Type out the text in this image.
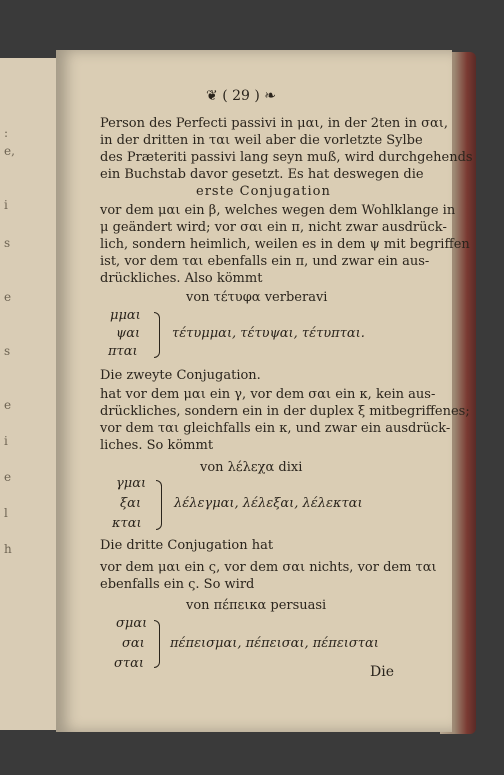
:
e,
i
s
e
s
e
i
e
l
h
❦ ( 29 ) ❧
Person des Perfecti passivi in μαι, in der 2ten in σαι,
in der dritten in ται weil aber die vorletzte Sylbe
des Præteriti passivi lang seyn muß, wird durchgehends
ein Buchstab davor gesetzt. Es hat deswegen die
erste Conjugation
vor dem μαι ein β, welches wegen dem Wohlklange in
μ geändert wird; vor σαι ein π, nicht zwar ausdrück-
lich, sondern heimlich, weilen es in dem ψ mit begriffen
ist, vor dem ται ebenfalls ein π, und zwar ein aus-
drückliches. Also kömmt
von τέτυφα verberavi
μμαι
ψαι
πται
τέτυμμαι, τέτυψαι, τέτυπται.
Die zweyte Conjugation.
hat vor dem μαι ein γ, vor dem σαι ein κ, kein aus-
drückliches, sondern ein in der duplex ξ mitbegriffenes;
vor dem ται gleichfalls ein κ, und zwar ein ausdrück-
liches. So kömmt
von λέλεχα dixi
γμαι
ξαι
κται
λέλεγμαι, λέλεξαι, λέλεκται
Die dritte Conjugation hat
vor dem μαι ein ς, vor dem σαι nichts, vor dem ται
ebenfalls ein ς. So wird
von πέπεικα persuasi
σμαι
σαι
σται
πέπεισμαι, πέπεισαι, πέπεισται
Die
